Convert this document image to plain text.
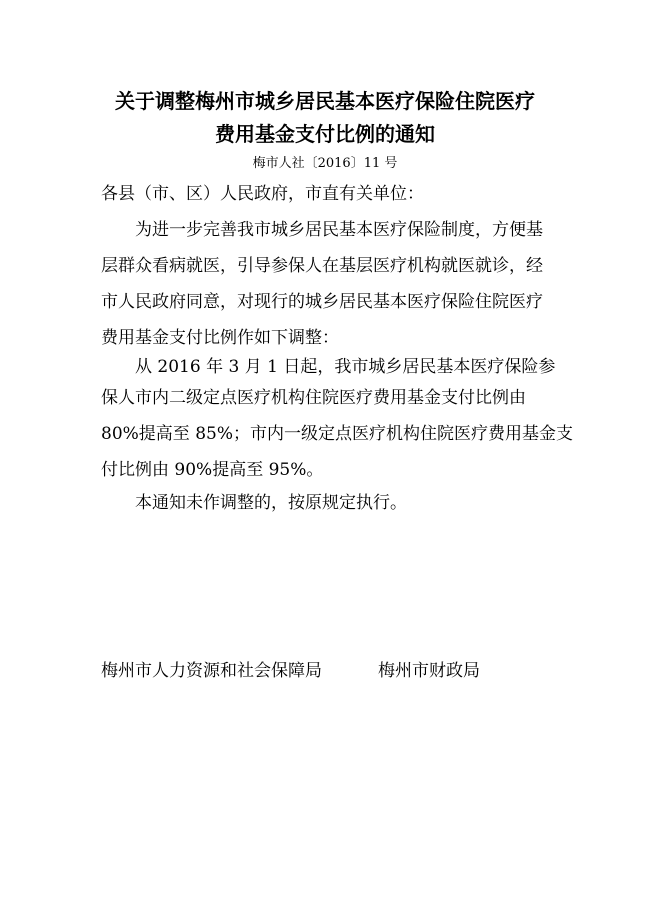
关于调整梅州市城乡居民基本医疗保险住院医疗
费用基金支付比例的通知
梅市人社〔2016〕11 号
各县（市、区）人民政府，市直有关单位：
为进一步完善我市城乡居民基本医疗保险制度，方便基
层群众看病就医，引导参保人在基层医疗机构就医就诊，经
市人民政府同意，对现行的城乡居民基本医疗保险住院医疗
费用基金支付比例作如下调整：
从 2016 年 3 月 1 日起，我市城乡居民基本医疗保险参
保人市内二级定点医疗机构住院医疗费用基金支付比例由
80%提高至 85%；市内一级定点医疗机构住院医疗费用基金支
付比例由 90%提高至 95%。
本通知未作调整的，按原规定执行。
梅州市人力资源和社会保障局	梅州市财政局
